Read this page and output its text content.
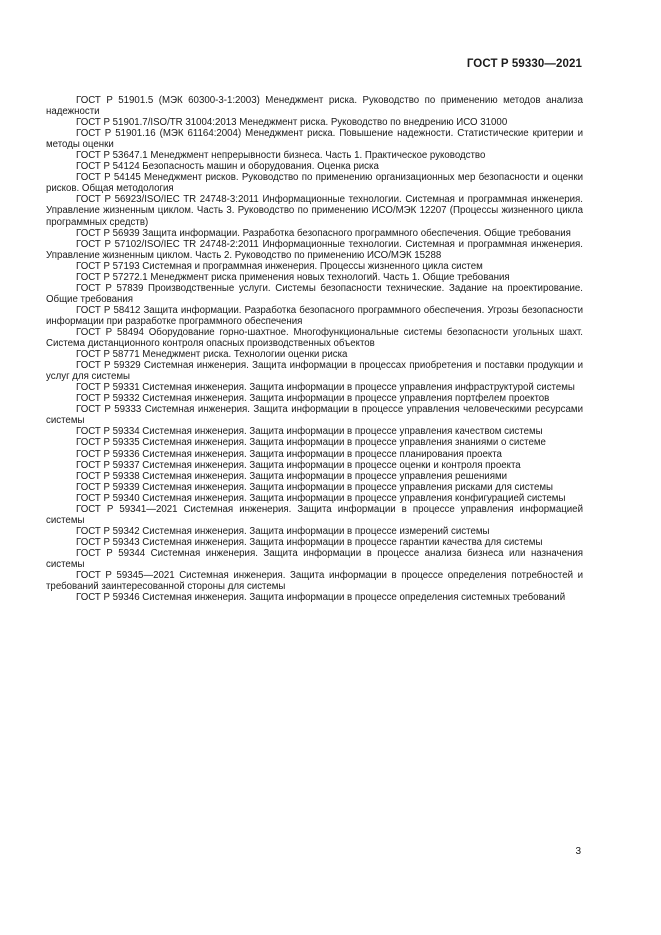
ГОСТ Р 59330—2021

ГОСТ Р 51901.5 (МЭК 60300-3-1:2003) Менеджмент риска. Руководство по применению методов анализа надежности

ГОСТ Р 51901.7/ISO/TR 31004:2013 Менеджмент риска. Руководство по внедрению ИСО 31000

ГОСТ Р 51901.16 (МЭК 61164:2004) Менеджмент риска. Повышение надежности. Статистические критерии и методы оценки

ГОСТ Р 53647.1 Менеджмент непрерывности бизнеса. Часть 1. Практическое руководство

ГОСТ Р 54124 Безопасность машин и оборудования. Оценка риска

ГОСТ Р 54145 Менеджмент рисков. Руководство по применению организационных мер безопасности и оценки рисков. Общая методология

ГОСТ Р 56923/ISO/IEC TR 24748-3:2011 Информационные технологии. Системная и программная инженерия. Управление жизненным циклом. Часть 3. Руководство по применению ИСО/МЭК 12207 (Процессы жизненного цикла программных средств)

ГОСТ Р 56939 Защита информации. Разработка безопасного программного обеспечения. Общие требования

ГОСТ Р 57102/ISO/IEC TR 24748-2:2011 Информационные технологии. Системная и программная инженерия. Управление жизненным циклом. Часть 2. Руководство по применению ИСО/МЭК 15288

ГОСТ Р 57193 Системная и программная инженерия. Процессы жизненного цикла систем

ГОСТ Р 57272.1 Менеджмент риска применения новых технологий. Часть 1. Общие требования

ГОСТ Р 57839 Производственные услуги. Системы безопасности технические. Задание на проектирование. Общие требования

ГОСТ Р 58412 Защита информации. Разработка безопасного программного обеспечения. Угрозы безопасности информации при разработке программного обеспечения

ГОСТ Р 58494 Оборудование горно-шахтное. Многофункциональные системы безопасности угольных шахт. Система дистанционного контроля опасных производственных объектов

ГОСТ Р 58771 Менеджмент риска. Технологии оценки риска

ГОСТ Р 59329 Системная инженерия. Защита информации в процессах приобретения и поставки продукции и услуг для системы

ГОСТ Р 59331 Системная инженерия. Защита информации в процессе управления инфраструктурой системы

ГОСТ Р 59332 Системная инженерия. Защита информации в процессе управления портфелем проектов

ГОСТ Р 59333 Системная инженерия. Защита информации в процессе управления человеческими ресурсами системы

ГОСТ Р 59334 Системная инженерия. Защита информации в процессе управления качеством системы

ГОСТ Р 59335 Системная инженерия. Защита информации в процессе управления знаниями о системе

ГОСТ Р 59336 Системная инженерия. Защита информации в процессе планирования проекта

ГОСТ Р 59337 Системная инженерия. Защита информации в процессе оценки и контроля проекта

ГОСТ Р 59338 Системная инженерия. Защита информации в процессе управления решениями

ГОСТ Р 59339 Системная инженерия. Защита информации в процессе управления рисками для системы

ГОСТ Р 59340 Системная инженерия. Защита информации в процессе управления конфигурацией системы

ГОСТ Р 59341—2021 Системная инженерия. Защита информации в процессе управления информацией системы

ГОСТ Р 59342 Системная инженерия. Защита информации в процессе измерений системы

ГОСТ Р 59343 Системная инженерия. Защита информации в процессе гарантии качества для системы

ГОСТ Р 59344 Системная инженерия. Защита информации в процессе анализа бизнеса или назначения системы

ГОСТ Р 59345—2021 Системная инженерия. Защита информации в процессе определения потребностей и требований заинтересованной стороны для системы

ГОСТ Р 59346 Системная инженерия. Защита информации в процессе определения системных требований

3
